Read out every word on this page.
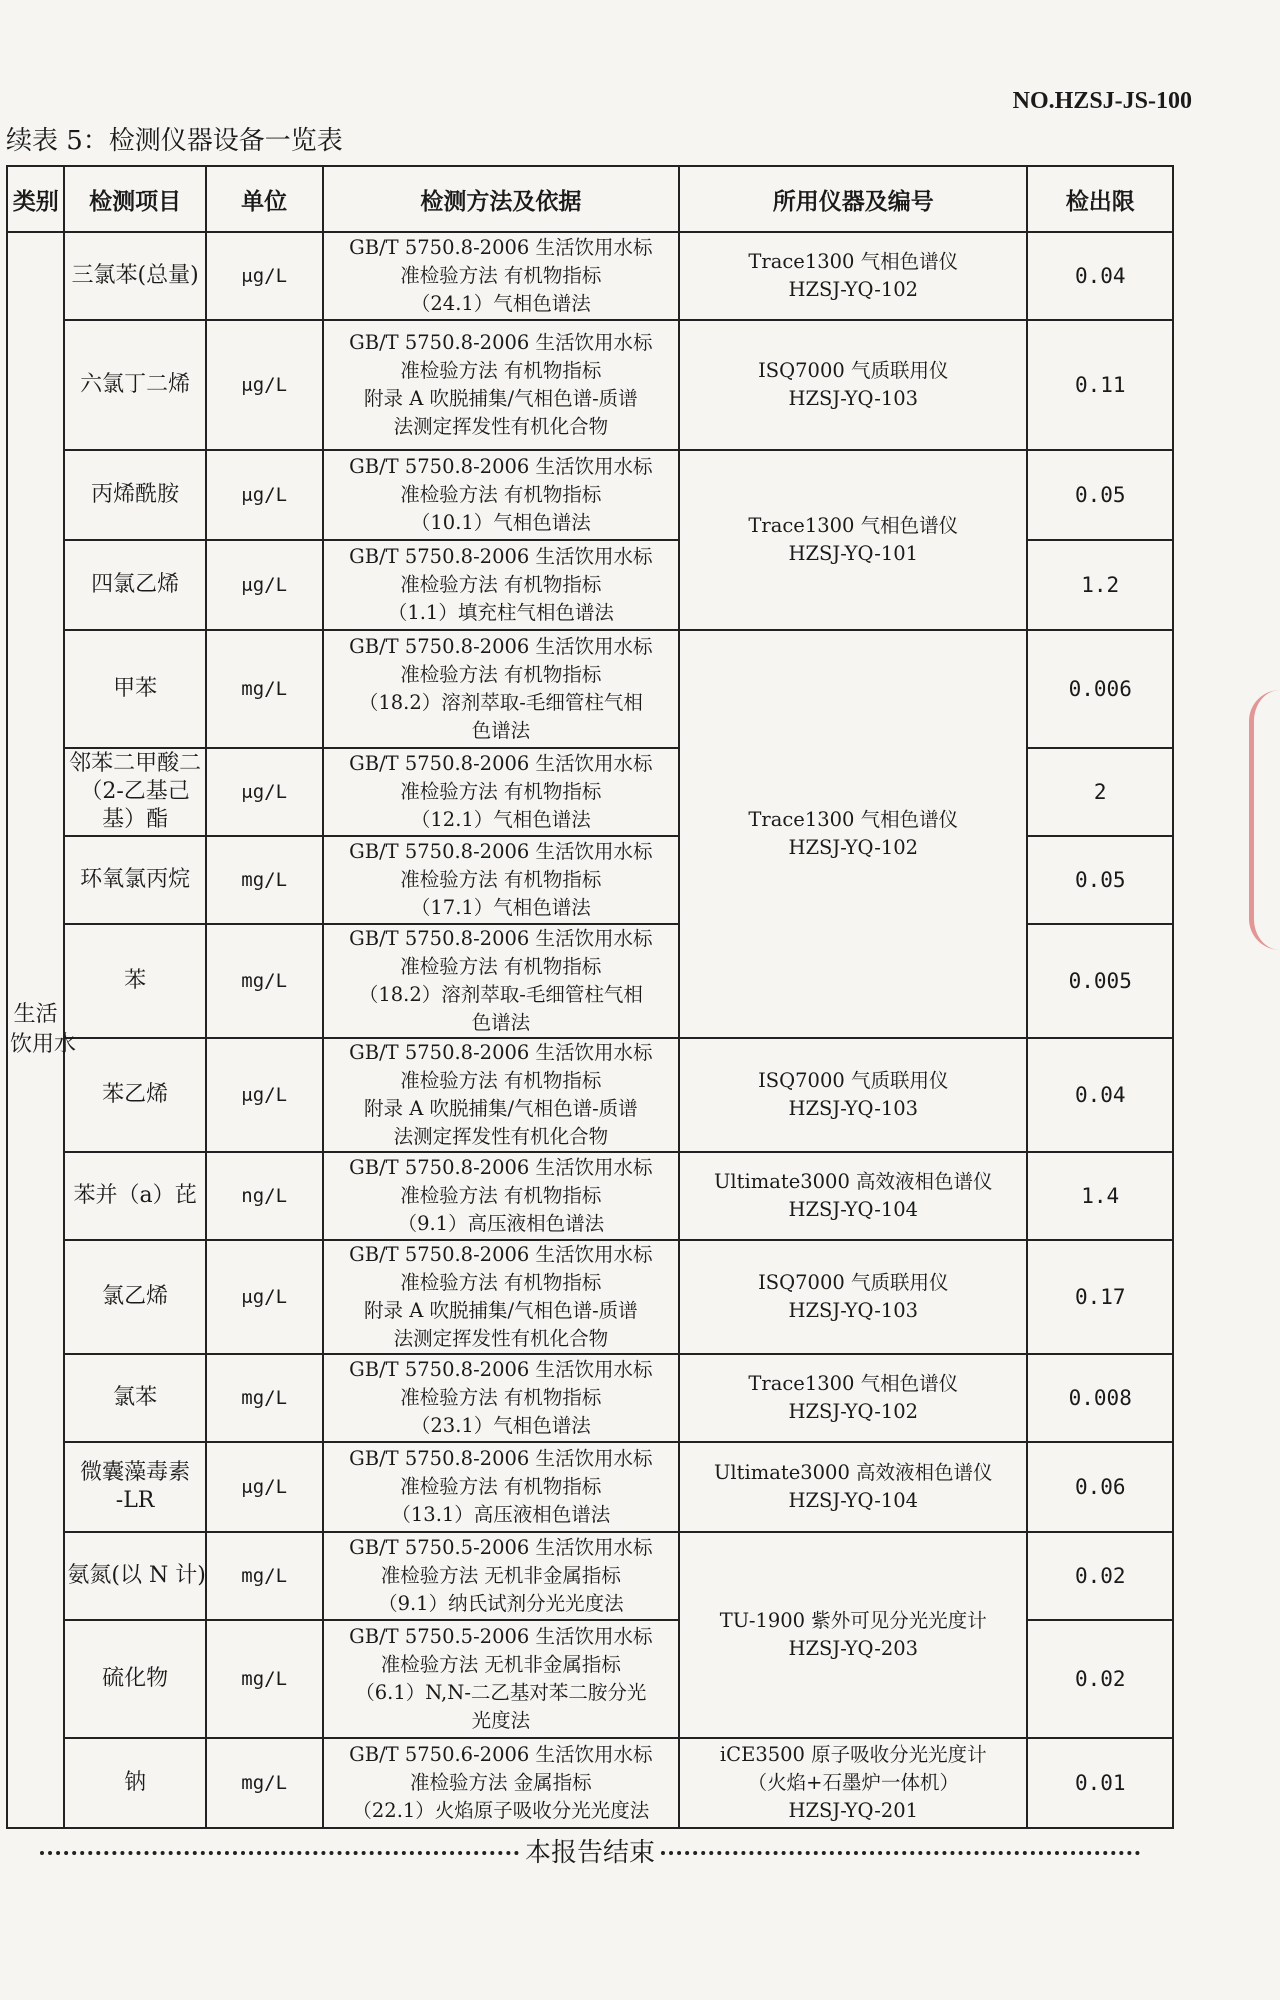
NO.HZSJ-JS-100
续表 5：检测仪器设备一览表
类别	检测项目	单位	检测方法及依据	所用仪器及编号	检出限

生活
饮用水	三氯苯(总量)	μg/L	GB/T 5750.8-2006 生活饮用水标
准检验方法 有机物指标
（24.1）气相色谱法	Trace1300 气相色谱仪
HZSJ-YQ-102	0.04

	六氯丁二烯	μg/L	GB/T 5750.8-2006 生活饮用水标
准检验方法 有机物指标
附录 A 吹脱捕集/气相色谱-质谱
法测定挥发性有机化合物	ISQ7000 气质联用仪
HZSJ-YQ-103	0.11

	丙烯酰胺	μg/L	GB/T 5750.8-2006 生活饮用水标
准检验方法 有机物指标
（10.1）气相色谱法	Trace1300 气相色谱仪
HZSJ-YQ-101	0.05

	四氯乙烯	μg/L	GB/T 5750.8-2006 生活饮用水标
准检验方法 有机物指标
（1.1）填充柱气相色谱法		1.2

	甲苯	mg/L	GB/T 5750.8-2006 生活饮用水标
准检验方法 有机物指标
（18.2）溶剂萃取-毛细管柱气相
色谱法	Trace1300 气相色谱仪
HZSJ-YQ-102	0.006

	邻苯二甲酸二
（2-乙基己
基）酯	μg/L	GB/T 5750.8-2006 生活饮用水标
准检验方法 有机物指标
（12.1）气相色谱法		2

	环氧氯丙烷	mg/L	GB/T 5750.8-2006 生活饮用水标
准检验方法 有机物指标
（17.1）气相色谱法		0.05

	苯	mg/L	GB/T 5750.8-2006 生活饮用水标
准检验方法 有机物指标
（18.2）溶剂萃取-毛细管柱气相
色谱法		0.005

	苯乙烯	μg/L	GB/T 5750.8-2006 生活饮用水标
准检验方法 有机物指标
附录 A 吹脱捕集/气相色谱-质谱
法测定挥发性有机化合物	ISQ7000 气质联用仪
HZSJ-YQ-103	0.04

	苯并（a）芘	ng/L	GB/T 5750.8-2006 生活饮用水标
准检验方法 有机物指标
（9.1）高压液相色谱法	Ultimate3000 高效液相色谱仪
HZSJ-YQ-104	1.4

	氯乙烯	μg/L	GB/T 5750.8-2006 生活饮用水标
准检验方法 有机物指标
附录 A 吹脱捕集/气相色谱-质谱
法测定挥发性有机化合物	ISQ7000 气质联用仪
HZSJ-YQ-103	0.17

	氯苯	mg/L	GB/T 5750.8-2006 生活饮用水标
准检验方法 有机物指标
（23.1）气相色谱法	Trace1300 气相色谱仪
HZSJ-YQ-102	0.008

	微囊藻毒素
-LR	μg/L	GB/T 5750.8-2006 生活饮用水标
准检验方法 有机物指标
（13.1）高压液相色谱法	Ultimate3000 高效液相色谱仪
HZSJ-YQ-104	0.06

	氨氮(以 N 计)	mg/L	GB/T 5750.5-2006 生活饮用水标
准检验方法 无机非金属指标
（9.1）纳氏试剂分光光度法	TU-1900 紫外可见分光光度计
HZSJ-YQ-203	0.02

	硫化物	mg/L	GB/T 5750.5-2006 生活饮用水标
准检验方法 无机非金属指标
（6.1）N,N-二乙基对苯二胺分光
光度法		0.02

	钠	mg/L	GB/T 5750.6-2006 生活饮用水标
准检验方法 金属指标
（22.1）火焰原子吸收分光光度法	iCE3500 原子吸收分光光度计
（火焰+石墨炉一体机）
HZSJ-YQ-201	0.01
本报告结束
